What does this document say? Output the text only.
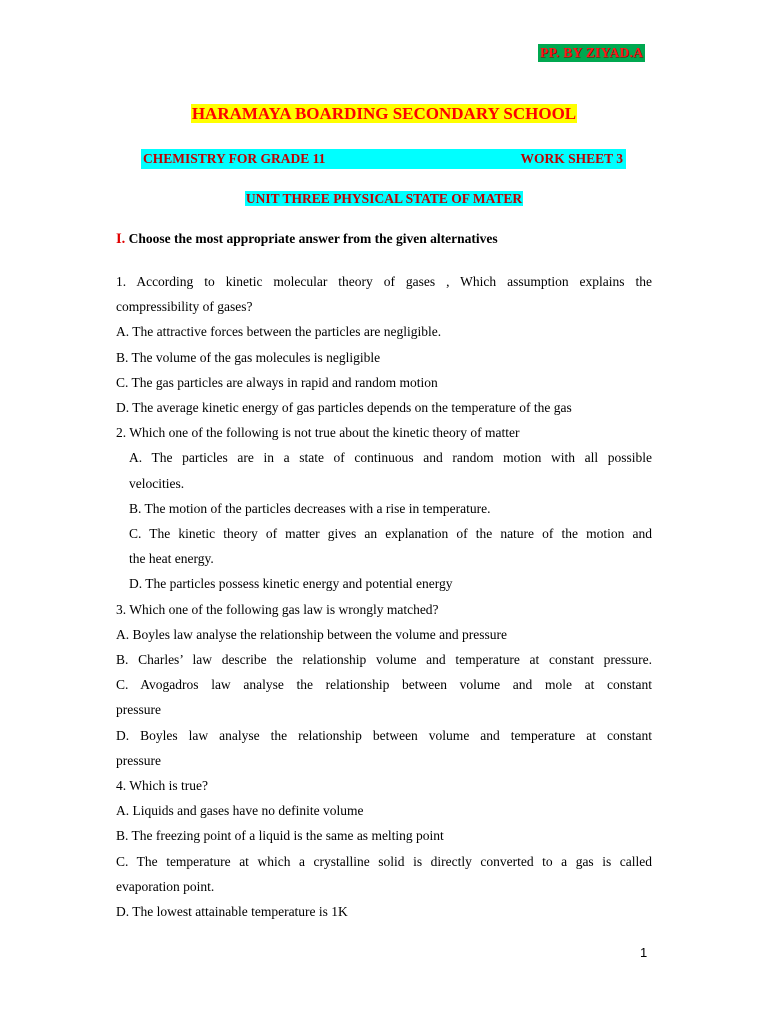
PP. BY ZIYAD.A
HARAMAYA BOARDING SECONDARY SCHOOL
CHEMISTRY FOR GRADE 11	WORK SHEET 3
UNIT THREE PHYSICAL STATE OF MATER
I. Choose the most appropriate answer from the given alternatives
1. According to kinetic molecular theory of gases , Which assumption explains the
compressibility of gases?
A. The attractive forces between the particles are negligible.
B. The volume of the gas molecules is negligible
C. The gas particles are always in rapid and random motion
D. The average kinetic energy of gas particles depends on the temperature of the gas
2. Which one of the following is not true about the kinetic theory of matter
A. The particles are in a state of continuous and random motion with all possible
velocities.
B. The motion of the particles decreases with a rise in temperature.
C. The kinetic theory of matter gives an explanation of the nature of the motion and
the heat energy.
D. The particles possess kinetic energy and potential energy
3. Which one of the following gas law is wrongly matched?
A. Boyles law analyse the relationship between the volume and pressure
B. Charles’ law describe the relationship volume and temperature at constant pressure.
C. Avogadros law analyse the relationship between volume and mole at constant
pressure
D. Boyles law analyse the relationship between volume and temperature at constant
pressure
4. Which is true?
A. Liquids and gases have no definite volume
B. The freezing point of a liquid is the same as melting point
C. The temperature at which a crystalline solid is directly converted to a gas is called
evaporation point.
D. The lowest attainable temperature is 1K
1
